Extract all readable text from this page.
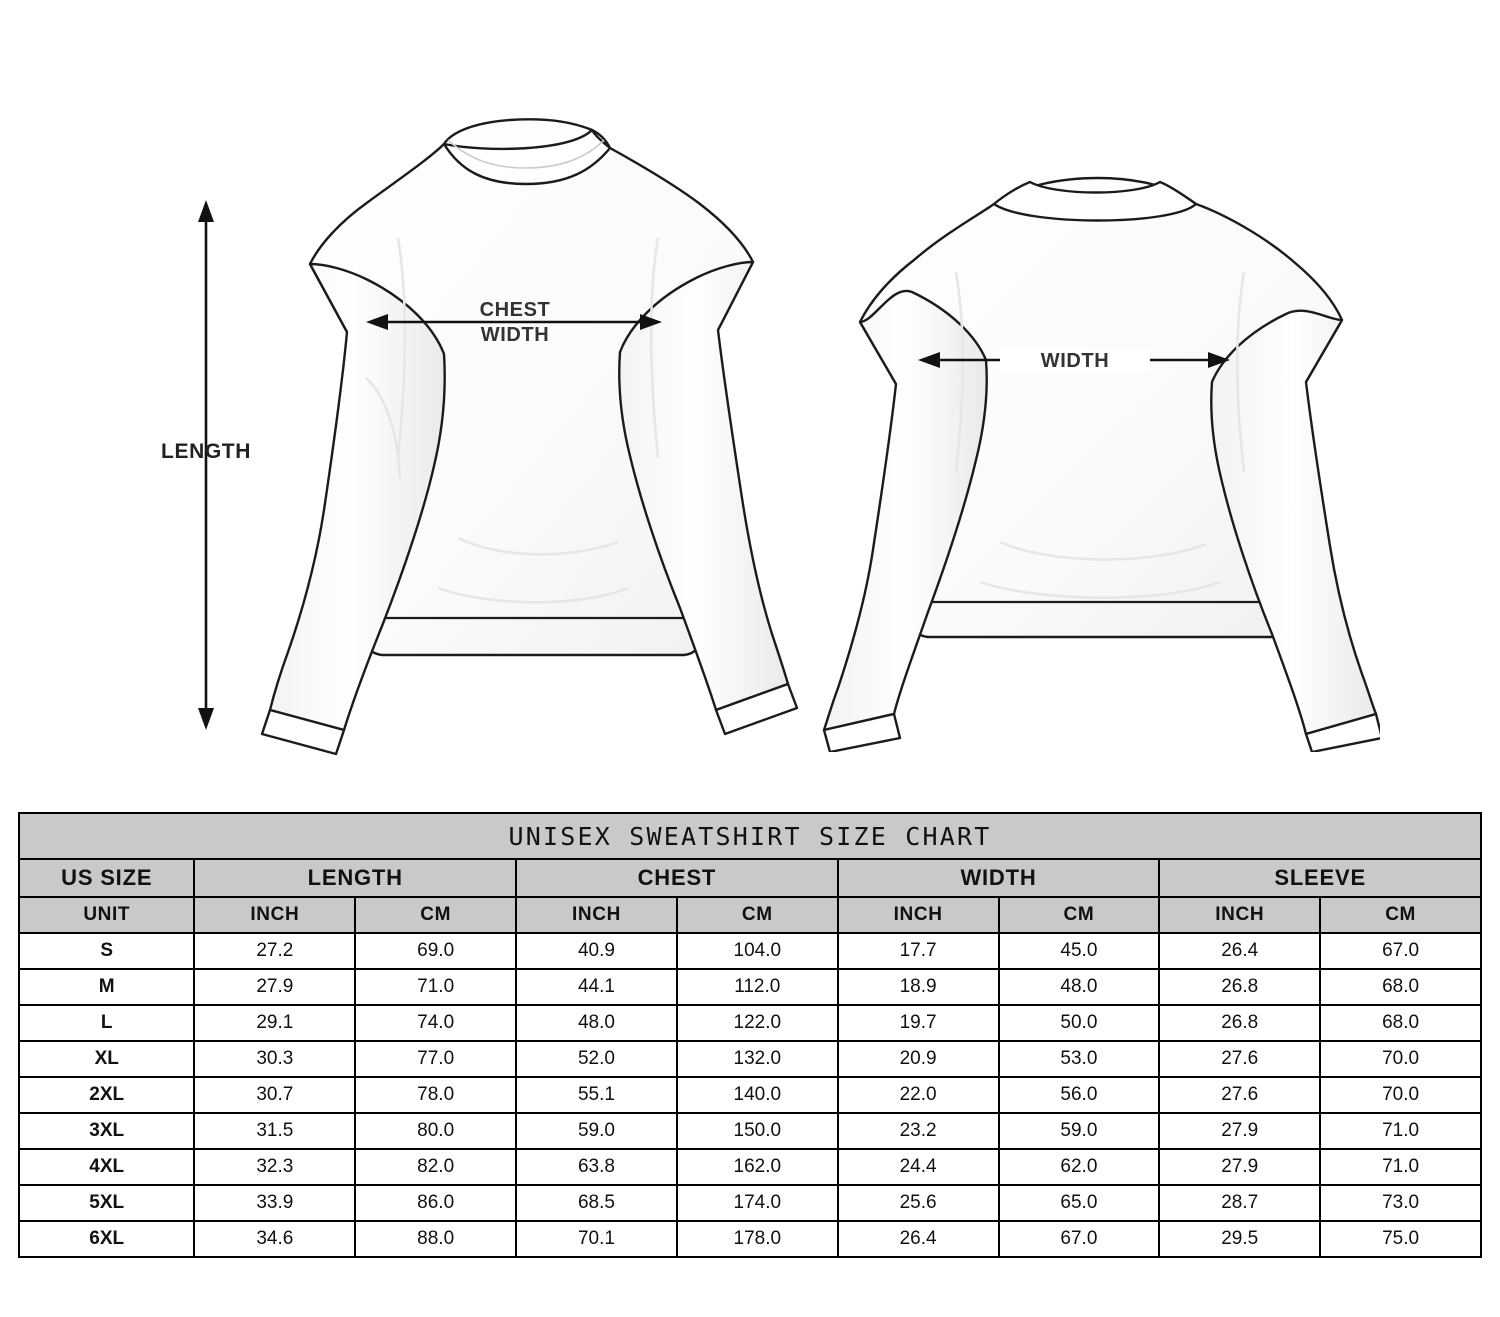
LENGTH
CHEST
WIDTH
WIDTH
UNISEX SWEATSHIRT SIZE CHART								
US SIZE	LENGTH		CHEST		WIDTH		SLEEVE	
UNIT	INCH	CM	INCH	CM	INCH	CM	INCH	CM
S	27.2	69.0	40.9	104.0	17.7	45.0	26.4	67.0
M	27.9	71.0	44.1	112.0	18.9	48.0	26.8	68.0
L	29.1	74.0	48.0	122.0	19.7	50.0	26.8	68.0
XL	30.3	77.0	52.0	132.0	20.9	53.0	27.6	70.0
2XL	30.7	78.0	55.1	140.0	22.0	56.0	27.6	70.0
3XL	31.5	80.0	59.0	150.0	23.2	59.0	27.9	71.0
4XL	32.3	82.0	63.8	162.0	24.4	62.0	27.9	71.0
5XL	33.9	86.0	68.5	174.0	25.6	65.0	28.7	73.0
6XL	34.6	88.0	70.1	178.0	26.4	67.0	29.5	75.0
